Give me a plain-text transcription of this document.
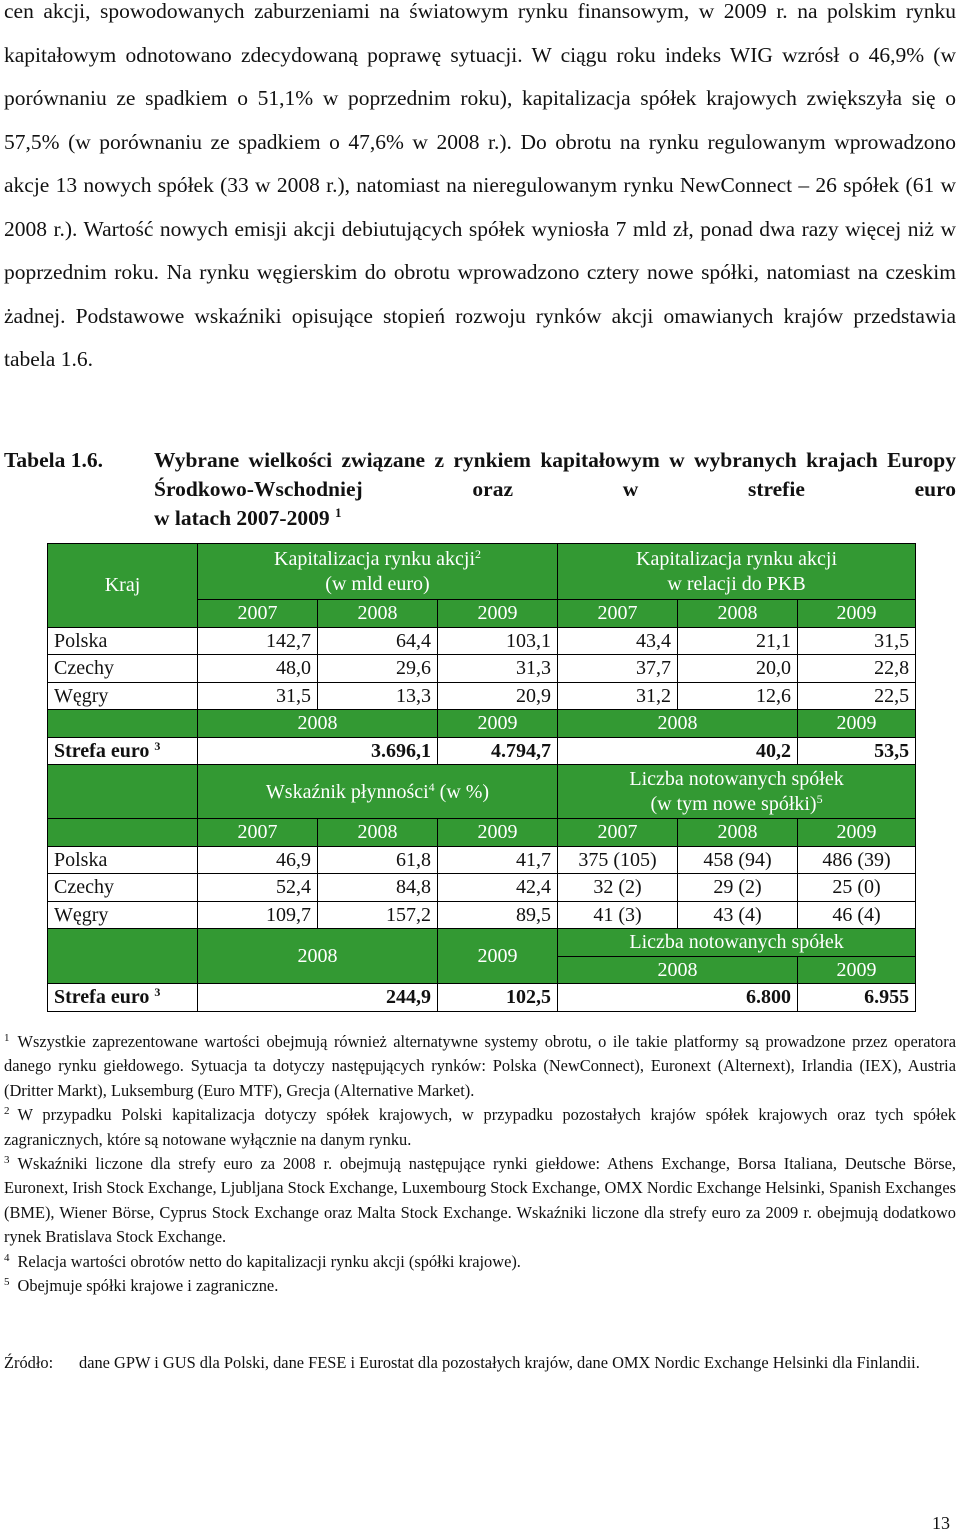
cen akcji, spowodowanych zaburzeniami na światowym rynku finansowym, w 2009 r. na polskim rynku kapitałowym odnotowano zdecydowaną poprawę sytuacji. W ciągu roku indeks WIG wzrósł o 46,9% (w porównaniu ze spadkiem o 51,1% w poprzednim roku), kapitalizacja spółek krajowych zwiększyła się o 57,5% (w porównaniu ze spadkiem o 47,6% w 2008 r.). Do obrotu na rynku regulowanym wprowadzono akcje 13 nowych spółek (33 w 2008 r.), natomiast na nieregulowanym rynku NewConnect – 26 spółek (61 w 2008 r.). Wartość nowych emisji akcji debiutujących spółek wyniosła 7 mld zł, ponad dwa razy więcej niż w poprzednim roku. Na rynku węgierskim do obrotu wprowadzono cztery nowe spółki, natomiast na czeskim żadnej. Podstawowe wskaźniki opisujące stopień rozwoju rynków akcji omawianych krajów przedstawia tabela 1.6.

Tabela 1.6. Wybrane wielkości związane z rynkiem kapitałowym w wybranych krajach Europy Środkowo-Wschodniej oraz w strefie euro
w latach 2007-2009 $^1$
Kraj	Kapitalizacja rynku akcji$^2$
(w mld euro)			Kapitalizacja rynku akcji
w relacji do PKB		
	2007	2008	2009	2007	2008	2009
Polska	142,7	64,4	103,1	43,4	21,1	31,5
Czechy	48,0	29,6	31,3	37,7	20,0	22,8
Węgry	31,5	13,3	20,9	31,2	12,6	22,5
	2008		2009	2008		2009
Strefa euro $^3$	3.696,1		4.794,7	40,2		53,5
	Wskaźnik płynności$^4$ (w %)			Liczba notowanych spółek
(w tym nowe spółki)$^5$
	2007	2008	2009	2007	2008	2009
Polska	46,9	61,8	41,7	375 (105)	458 (94)	486 (39)
Czechy	52,4	84,8	42,4	32 (2)	29 (2)	25 (0)
Węgry	109,7	157,2	89,5	41 (3)	43 (4)	46 (4)
	2008		2009	Liczba notowanych spółek		
				2008		2009
Strefa euro $^3$	244,9		102,5	6.800		6.955

$^1$ Wszystkie zaprezentowane wartości obejmują również alternatywne systemy obrotu, o ile takie platformy są prowadzone przez operatora danego rynku giełdowego. Sytuacja ta dotyczy następujących rynków: Polska (NewConnect), Euronext (Alternext), Irlandia (IEX), Austria (Dritter Markt), Luksemburg (Euro MTF), Grecja (Alternative Market).

$^2$ W przypadku Polski kapitalizacja dotyczy spółek krajowych, w przypadku pozostałych krajów spółek krajowych oraz tych spółek zagranicznych, które są notowane wyłącznie na danym rynku.

$^3$ Wskaźniki liczone dla strefy euro za 2008 r. obejmują następujące rynki giełdowe: Athens Exchange, Borsa Italiana, Deutsche Börse, Euronext, Irish Stock Exchange, Ljubljana Stock Exchange, Luxembourg Stock Exchange, OMX Nordic Exchange Helsinki, Spanish Exchanges (BME), Wiener Börse, Cyprus Stock Exchange oraz Malta Stock Exchange. Wskaźniki liczone dla strefy euro za 2009 r. obejmują dodatkowo rynek Bratislava Stock Exchange.

$^4$ Relacja wartości obrotów netto do kapitalizacji rynku akcji (spółki krajowe).

$^5$ Obejmuje spółki krajowe i zagraniczne.

Źródło: dane GPW i GUS dla Polski, dane FESE i Eurostat dla pozostałych krajów, dane OMX Nordic Exchange Helsinki dla Finlandii.
13
